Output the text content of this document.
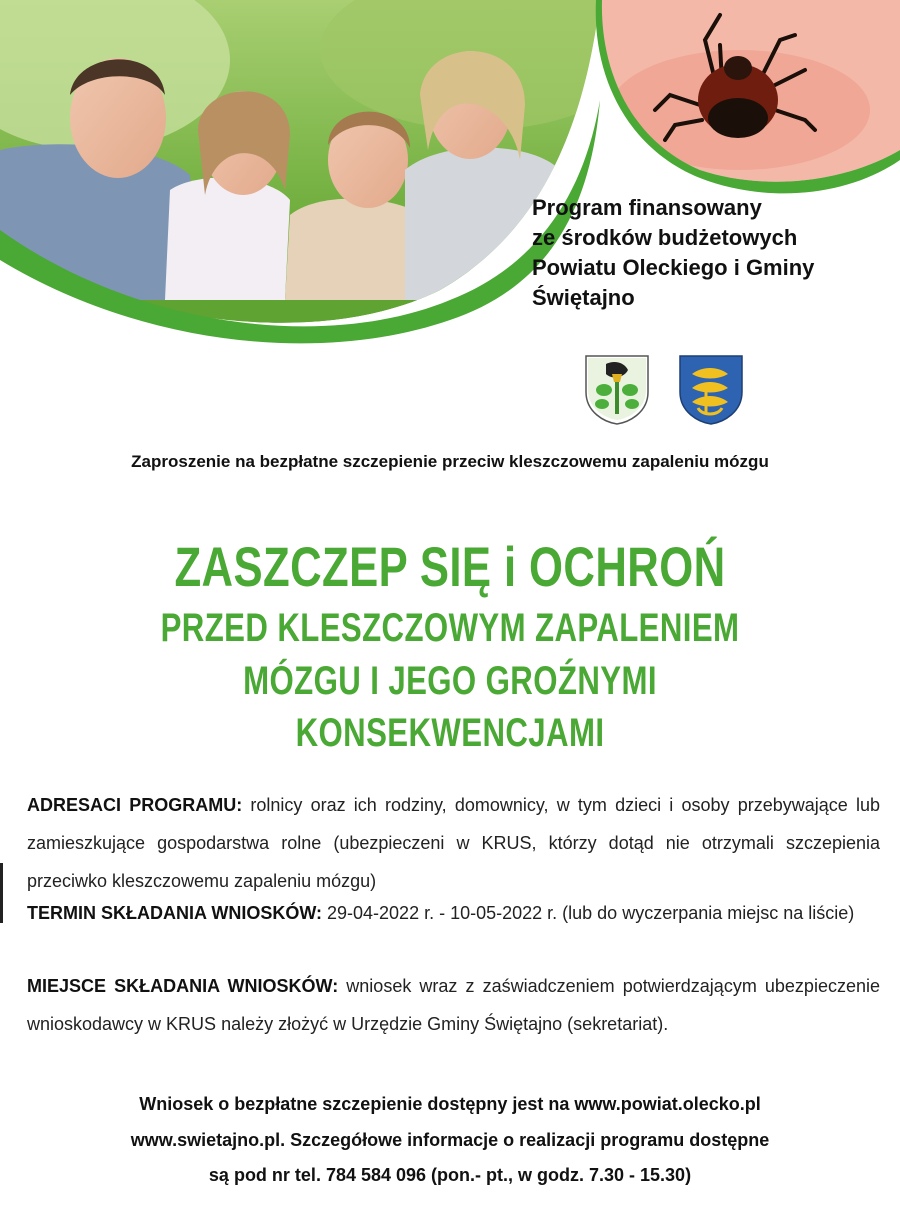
Program finansowany
ze środków budżetowych
Powiatu Oleckiego i Gminy
Świętajno
Zaproszenie na bezpłatne szczepienie przeciw kleszczowemu zapaleniu mózgu
ZASZCZEP SIĘ i OCHROŃ
PRZED KLESZCZOWYM ZAPALENIEM
MÓZGU I JEGO GROŹNYMI
KONSEKWENCJAMI
ADRESACI PROGRAMU: rolnicy oraz ich rodziny, domownicy, w tym dzieci i osoby przebywające lub zamieszkujące gospodarstwa rolne (ubezpieczeni w KRUS, którzy dotąd nie otrzymali szczepienia przeciwko kleszczowemu zapaleniu mózgu)
TERMIN SKŁADANIA WNIOSKÓW: 29-04-2022 r. - 10-05-2022 r. (lub do wyczerpania miejsc na liście)
MIEJSCE SKŁADANIA WNIOSKÓW: wniosek wraz z zaświadczeniem potwierdzającym ubezpieczenie wnioskodawcy w KRUS należy złożyć w Urzędzie Gminy Świętajno (sekretariat).
Wniosek o bezpłatne szczepienie dostępny jest na www.powiat.olecko.pl
www.swietajno.pl. Szczegółowe informacje o realizacji programu dostępne
są pod nr tel. 784 584 096 (pon.- pt., w godz. 7.30 - 15.30)
